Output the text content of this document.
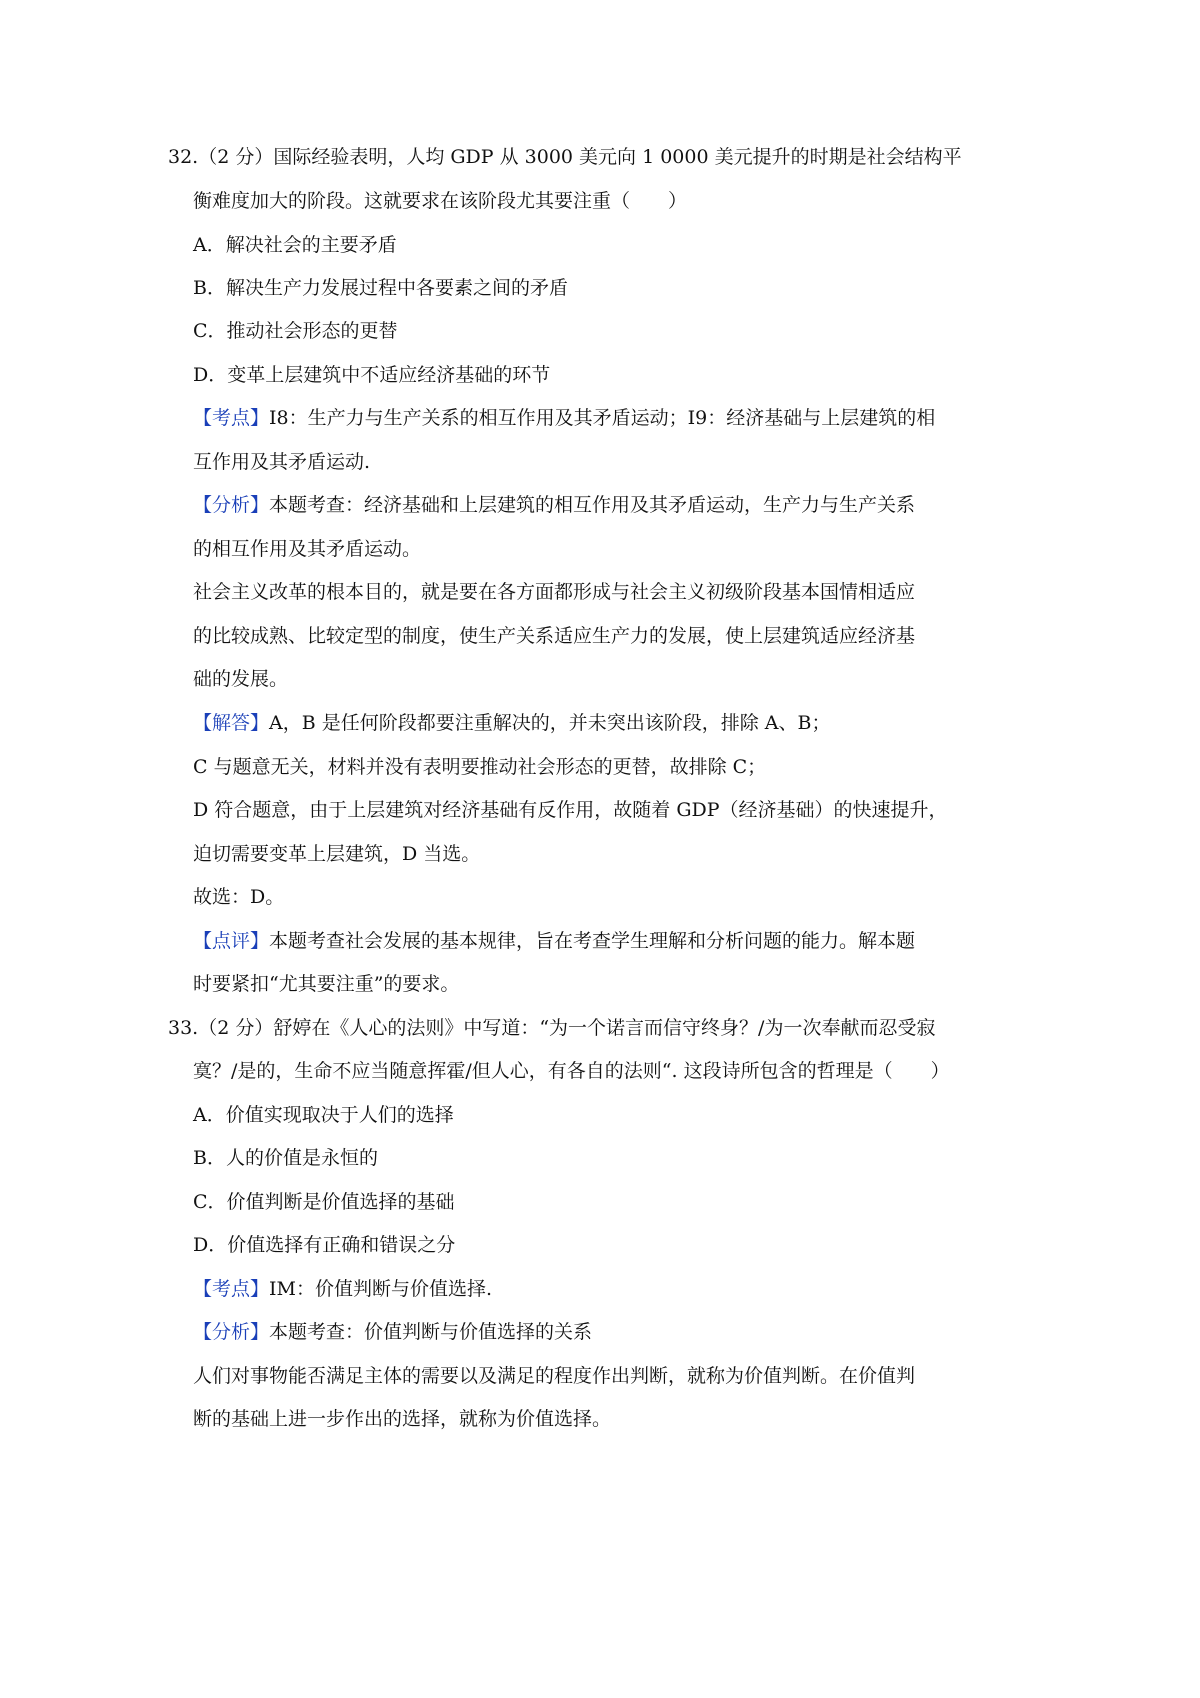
32.（2 分）国际经验表明，人均 GDP 从 3000 美元向 1 0000 美元提升的时期是社会结构平
衡难度加大的阶段。这就要求在该阶段尤其要注重（　　）
A．解决社会的主要矛盾
B．解决生产力发展过程中各要素之间的矛盾
C．推动社会形态的更替
D．变革上层建筑中不适应经济基础的环节
【考点】I8：生产力与生产关系的相互作用及其矛盾运动；I9：经济基础与上层建筑的相
互作用及其矛盾运动.
【分析】本题考查：经济基础和上层建筑的相互作用及其矛盾运动，生产力与生产关系
的相互作用及其矛盾运动。
社会主义改革的根本目的，就是要在各方面都形成与社会主义初级阶段基本国情相适应
的比较成熟、比较定型的制度，使生产关系适应生产力的发展，使上层建筑适应经济基
础的发展。
【解答】A，B 是任何阶段都要注重解决的，并未突出该阶段，排除 A、B；
C 与题意无关，材料并没有表明要推动社会形态的更替，故排除 C；
D 符合题意，由于上层建筑对经济基础有反作用，故随着 GDP（经济基础）的快速提升，
迫切需要变革上层建筑，D 当选。
故选：D。
【点评】本题考查社会发展的基本规律，旨在考查学生理解和分析问题的能力。解本题
时要紧扣“尤其要注重”的要求。
33.（2 分）舒婷在《人心的法则》中写道：“为一个诺言而信守终身？/为一次奉献而忍受寂
寞？/是的，生命不应当随意挥霍/但人心，有各自的法则“. 这段诗所包含的哲理是（　　）
A．价值实现取决于人们的选择
B．人的价值是永恒的
C．价值判断是价值选择的基础
D．价值选择有正确和错误之分
【考点】IM：价值判断与价值选择.
【分析】本题考查：价值判断与价值选择的关系
人们对事物能否满足主体的需要以及满足的程度作出判断，就称为价值判断。在价值判
断的基础上进一步作出的选择，就称为价值选择。
